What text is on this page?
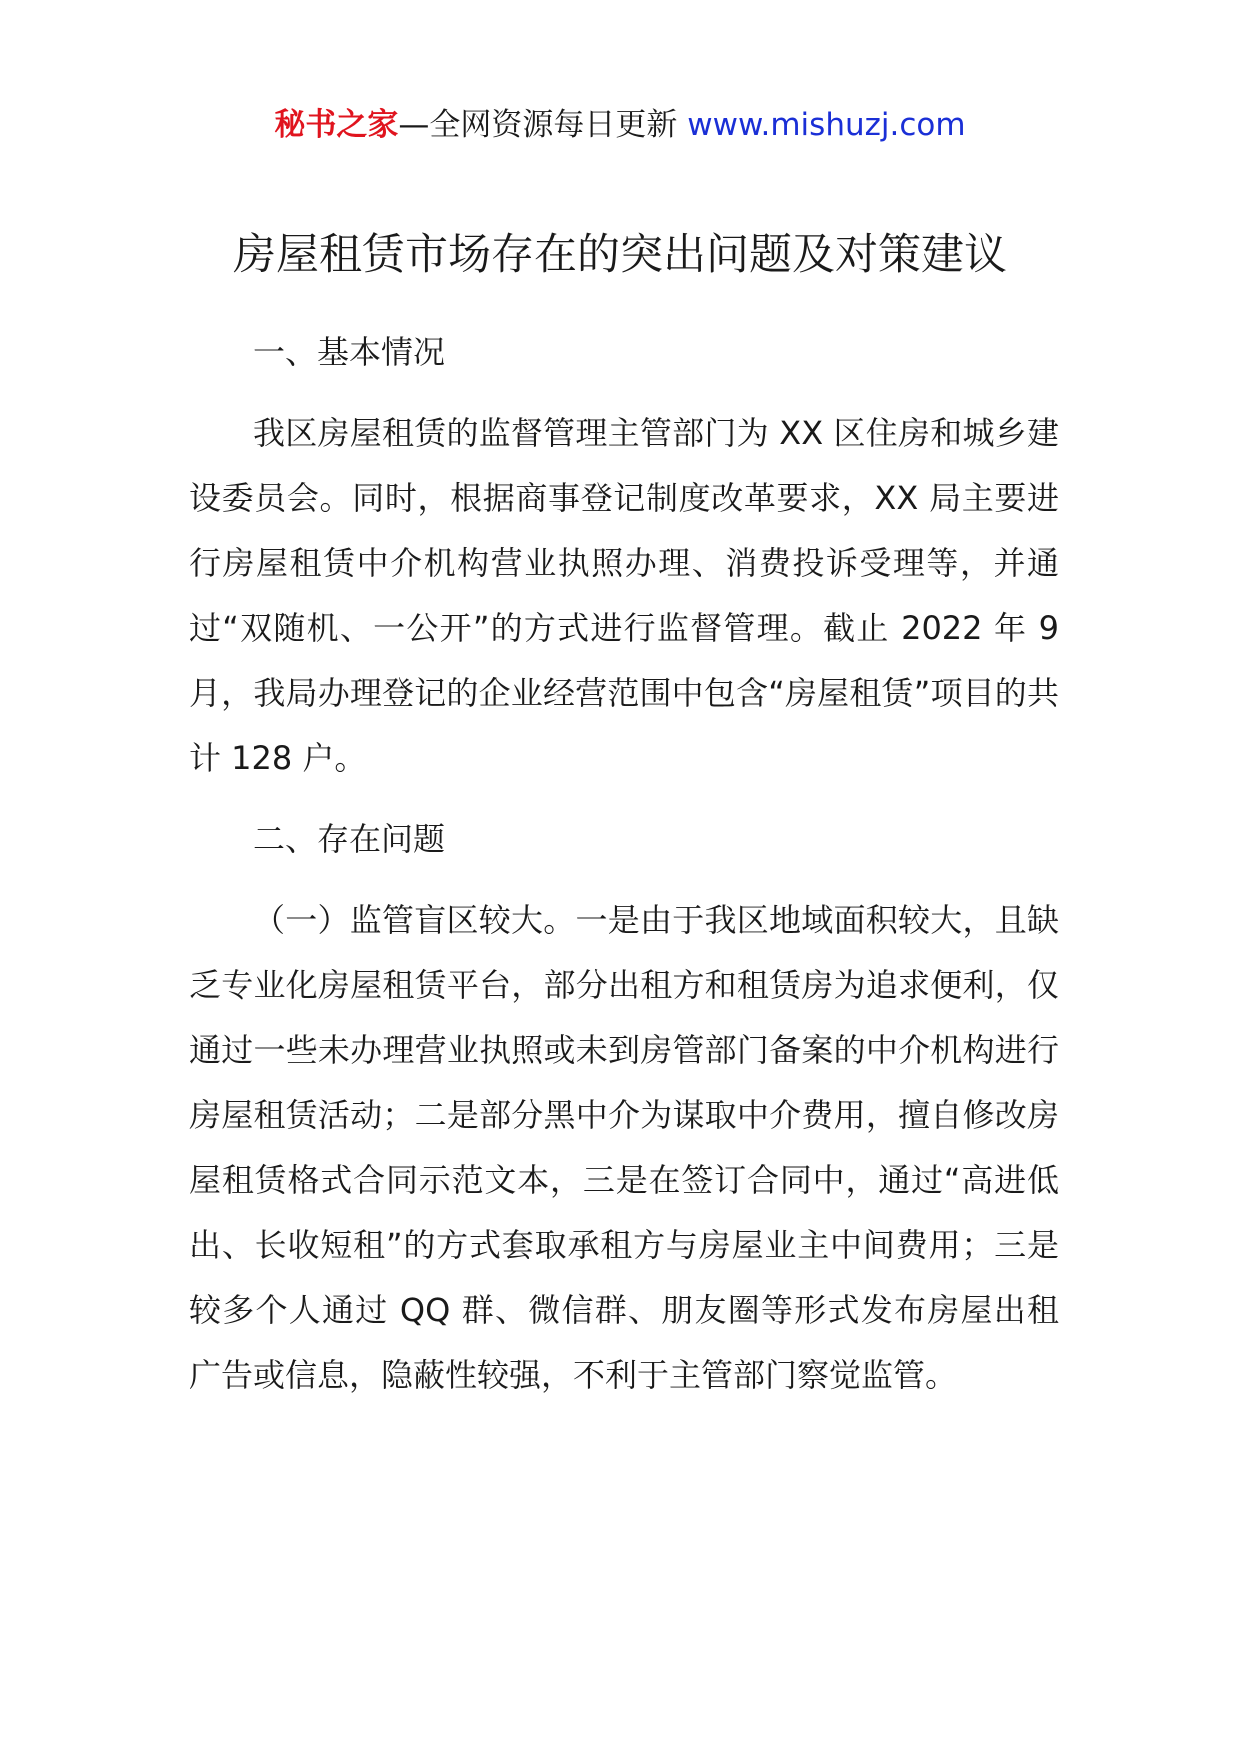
秘书之家—全网资源每日更新 www.mishuzj.com
房屋租赁市场存在的突出问题及对策建议
一、基本情况

我区房屋租赁的监督管理主管部门为 XX 区住房和城乡建设委员会。同时，根据商事登记制度改革要求，XX 局主要进行房屋租赁中介机构营业执照办理、消费投诉受理等，并通过“双随机、一公开”的方式进行监督管理。截止 2022 年 9 月，我局办理登记的企业经营范围中包含“房屋租赁”项目的共计 128 户。

二、存在问题

（一）监管盲区较大。一是由于我区地域面积较大，且缺乏专业化房屋租赁平台，部分出租方和租赁房为追求便利，仅通过一些未办理营业执照或未到房管部门备案的中介机构进行房屋租赁活动；二是部分黑中介为谋取中介费用，擅自修改房屋租赁格式合同示范文本，三是在签订合同中，通过“高进低出、长收短租”的方式套取承租方与房屋业主中间费用；三是较多个人通过 QQ 群、微信群、朋友圈等形式发布房屋出租广告或信息，隐蔽性较强，不利于主管部门察觉监管。
